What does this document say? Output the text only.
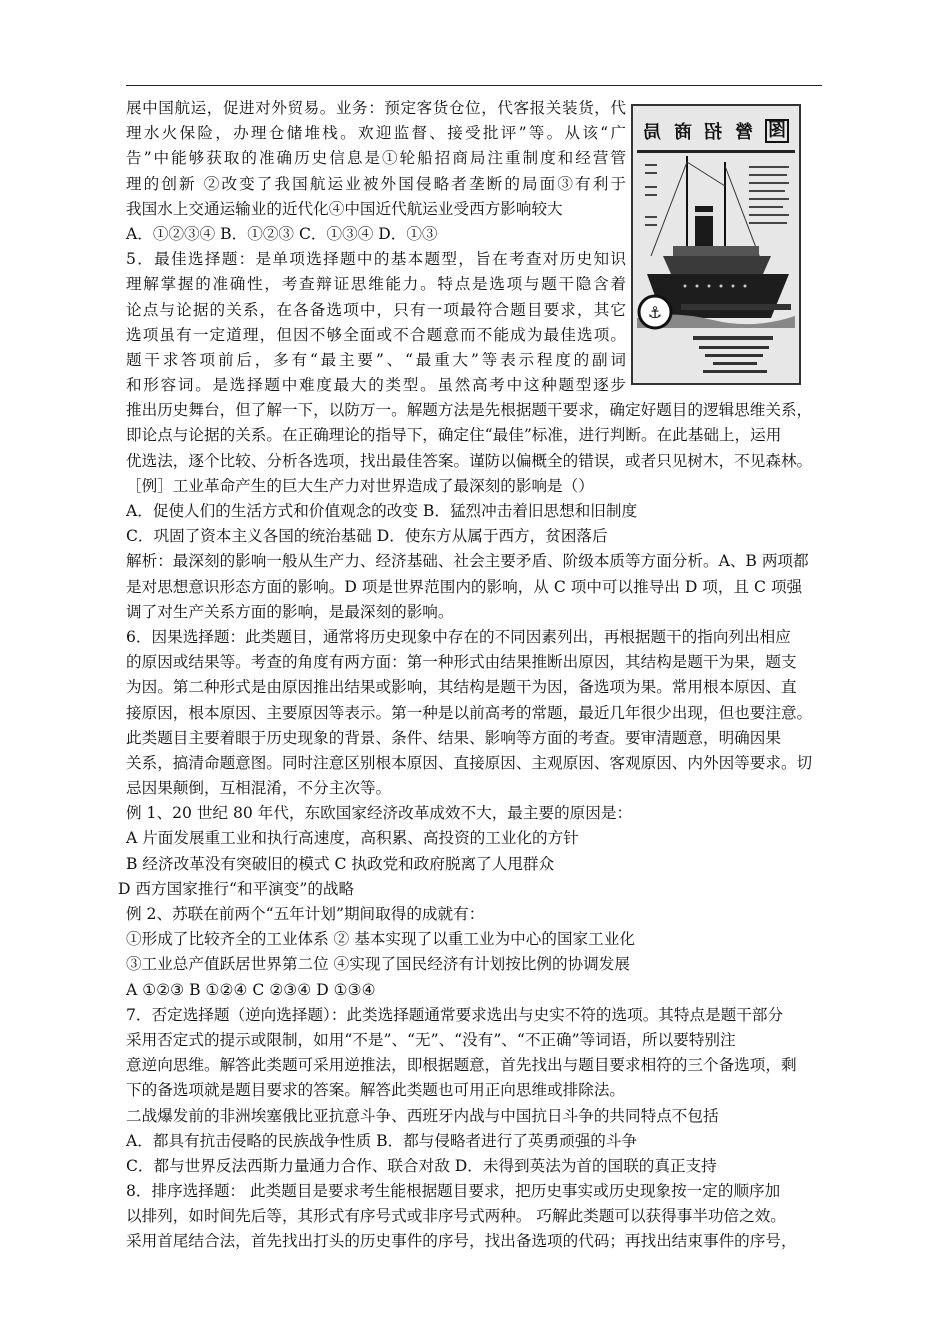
局 商 招 營 图
⚓

展中国航运，促进对外贸易。业务：预定客货仓位，代客报关装货，代

理水火保险，办理仓储堆栈。欢迎监督、接受批评”等。从该“广

告”中能够获取的准确历史信息是①轮船招商局注重制度和经营管

理的创新 ②改变了我国航运业被外国侵略者垄断的局面③有利于

我国水上交通运输业的近代化④中国近代航运业受西方影响较大

A．①②③④ B．①②③ C．①③④ D．①③

5．最佳选择题：是单项选择题中的基本题型，旨在考查对历史知识

理解掌握的准确性，考查辩证思维能力。特点是选项与题干隐含着

论点与论据的关系，在各备选项中，只有一项最符合题目要求，其它

选项虽有一定道理，但因不够全面或不合题意而不能成为最佳选项。

题干求答项前后，多有“最主要”、“最重大”等表示程度的副词

和形容词。是选择题中难度最大的类型。虽然高考中这种题型逐步

推出历史舞台，但了解一下，以防万一。解题方法是先根据题干要求，确定好题目的逻辑思维关系，

即论点与论据的关系。在正确理论的指导下，确定住“最佳”标准，进行判断。在此基础上，运用

优选法，逐个比较、分析各选项，找出最佳答案。谨防以偏概全的错误，或者只见树木，不见森林。

［例］工业革命产生的巨大生产力对世界造成了最深刻的影响是（）

A．促使人们的生活方式和价值观念的改变 B．猛烈冲击着旧思想和旧制度

C．巩固了资本主义各国的统治基础 D．使东方从属于西方，贫困落后

解析：最深刻的影响一般从生产力、经济基础、社会主要矛盾、阶级本质等方面分析。A、B 两项都

是对思想意识形态方面的影响。D 项是世界范围内的影响，从 C 项中可以推导出 D 项，且 C 项强

调了对生产关系方面的影响，是最深刻的影响。

6．因果选择题：此类题目，通常将历史现象中存在的不同因素列出，再根据题干的指向列出相应

的原因或结果等。考查的角度有两方面：第一种形式由结果推断出原因，其结构是题干为果，题支

为因。第二种形式是由原因推出结果或影响，其结构是题干为因，备选项为果。常用根本原因、直

接原因，根本原因、主要原因等表示。第一种是以前高考的常题，最近几年很少出现，但也要注意。

此类题目主要着眼于历史现象的背景、条件、结果、影响等方面的考查。要审清题意，明确因果

关系，搞清命题意图。同时注意区别根本原因、直接原因、主观原因、客观原因、内外因等要求。切

忌因果颠倒，互相混淆，不分主次等。

例 1、20 世纪 80 年代，东欧国家经济改革成效不大，最主要的原因是：

A 片面发展重工业和执行高速度，高积累、高投资的工业化的方针

B 经济改革没有突破旧的模式 C 执政党和政府脱离了人甩群众

D 西方国家推行“和平演变”的战略

例 2、苏联在前两个“五年计划”期间取得的成就有：

①形成了比较齐全的工业体系 ② 基本实现了以重工业为中心的国家工业化

③工业总产值跃居世界第二位 ④实现了国民经济有计划按比例的协调发展

A ①②③ B ①②④ C ②③④ D ①③④

7．否定选择题（逆向选择题）：此类选择题通常要求选出与史实不符的选项。其特点是题干部分

采用否定式的提示或限制，如用“不是”、“无”、“没有”、“不正确”等词语，所以要特别注

意逆向思维。解答此类题可采用逆推法，即根据题意，首先找出与题目要求相符的三个备选项，剩

下的备选项就是题目要求的答案。解答此类题也可用正向思维或排除法。

二战爆发前的非洲埃塞俄比亚抗意斗争、西班牙内战与中国抗日斗争的共同特点不包括

A．都具有抗击侵略的民族战争性质 B．都与侵略者进行了英勇顽强的斗争

C．都与世界反法西斯力量通力合作、联合对敌 D．未得到英法为首的国联的真正支持

8．排序选择题： 此类题目是要求考生能根据题目要求，把历史事实或历史现象按一定的顺序加

以排列，如时间先后等，其形式有序号式或非序号式两种。 巧解此类题可以获得事半功倍之效。

采用首尾结合法，首先找出打头的历史事件的序号，找出备选项的代码；再找出结束事件的序号，
